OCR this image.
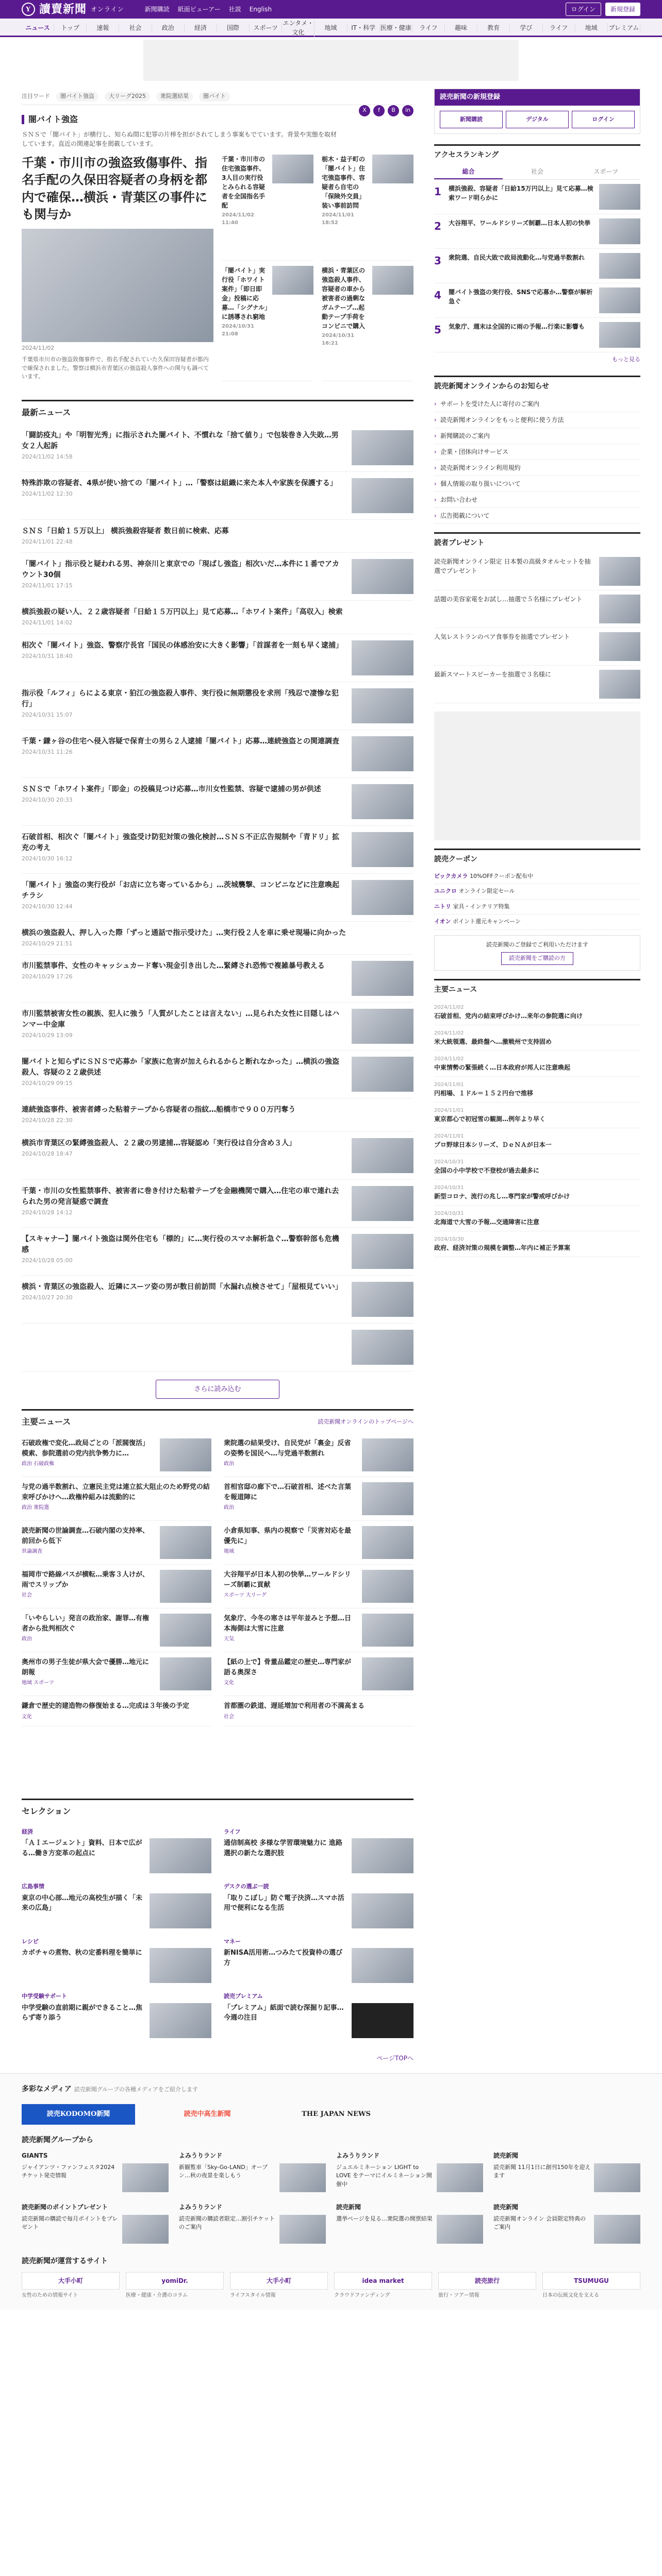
Y 讀賣新聞 オンライン	新聞購読 紙面ビューアー 社説 English	ログイン	新規登録
ニュース	トップ	速報	社会	政治	経済	国際	スポーツ
エンタメ・文化
地域	IT・科学 医療・健康	ライフ	趣味	教育	学び	ライフ	地域	プレミアム
注目ワード	闇バイト強盗	大リーグ2025	衆院選結果	闇バイト
闇バイト強盗
X	f	B	in

ＳＮＳで「闇バイト」が横行し、知らぬ間に犯罪の片棒を担がされてしまう事案もでています。背景や実態を取材しています。直近の関連記事を掲載しています。

千葉・市川市の強盗致傷事件、指名手配の久保田容疑者の身柄を都内で確保…横浜・青葉区の事件にも関与か
2024/11/02

千葉県市川市の強盗致傷事件で、指名手配されていた久保田容疑者が都内で確保されました。警察は横浜市青葉区の強盗殺人事件への関与も調べています。

千葉・市川市の住宅強盗事件、3人目の実行役とみられる容疑者を全国指名手配
2024/11/02 11:40
栃木・益子町の「闇バイト」住宅強盗事件、容疑者ら自宅の「保険外交員」装い事前訪問
2024/11/01 18:52
「闇バイト」実行役「ホワイト案件」「即日即金」投稿に応募…「シグナル」に誘導され窮地
2024/10/31 21:08
横浜・青葉区の強盗殺人事件、容疑者の車から被害者の過剰なガムテープ…起動テープ手荷をコンビニで購入
2024/10/31 16:21
最新ニュース
「闘訪疫丸」や「明智光秀」に指示された闇バイト、不慣れな「捨て値り」で包装巻き入失敗…男女２人起訴
2024/11/02 14:58
特殊詐欺の容疑者、4県が使い捨ての「闇バイト」…「警察は組織に来た本人や家族を保護する」
2024/11/02 12:30
ＳＮＳ「日給１５万以上」 横浜強殺容疑者 数日前に検索、応募
2024/11/01 22:48
「闇バイト」指示役と疑われる男、神奈川と東京での「現ばし強盗」相次いだ…本件に１番でアカウント30個
2024/11/01 17:15
横浜強殺の疑い人、２２歳容疑者「日給１５万円以上」見て応募…「ホワイト案件」「高収入」検索
2024/11/01 14:02
相次ぐ「闇バイト」強盗、警察庁長官「国民の体感治安に大きく影響」「首謀者を一刻も早く逮捕」
2024/10/31 18:40
指示役「ルフィ」らによる東京・狛江の強盗殺人事件、実行役に無期懲役を求刑「残忍で凄惨な犯行」
2024/10/31 15:07
千葉・鎌ヶ谷の住宅へ侵入容疑で保育士の男ら２人逮捕「闇バイト」応募…連続強盗との関連調査
2024/10/31 11:26
ＳＮＳで「ホワイト案件」「即金」の投稿見つけ応募…市川女性監禁、容疑で逮捕の男が供述
2024/10/30 20:33
石破首相、相次ぐ「闇バイト」強盗受け防犯対策の強化検討…ＳＮＳ不正広告規制や「青ドリ」拡充の考え
2024/10/30 16:12
「闇バイト」強盗の実行役が「お店に立ち寄っているから」…茨城襲撃、コンビニなどに注意喚起チラシ
2024/10/30 12:44
横浜の強盗殺人、押し入った際「ずっと通話で指示受けた」…実行役２人を車に乗せ現場に向かった
2024/10/29 21:51
市川監禁事件、女性のキャッシュカード奪い現金引き出した…緊縛され恐怖で複雑暴号教える
2024/10/29 17:26
市川監禁被害女性の親族、犯人に強う「人質がしたことは言えない」…見られた女性に目隠しはハンマー中金庫
2024/10/29 13:09
闇バイトと知らずにＳＮＳで応募か「家族に危害が加えられるからと断れなかった」…横浜の強盗殺人、容疑の２２歳供述
2024/10/29 09:15
連続強盗事件、被害者縛った粘着テープから容疑者の指紋…船橋市で９００万円奪う
2024/10/28 22:30
横浜市青葉区の緊縛強盗殺人、２２歳の男逮捕…容疑認め「実行役は自分含め３人」
2024/10/28 18:47
千葉・市川の女性監禁事件、被害者に巻き付けた粘着テープを金融機関で購入…住宅の車で連れ去られた男の発言疑惑で調査
2024/10/28 14:12
【スキャナー】闇バイト強盗は関外住宅も「標的」に…実行役のスマホ解析急ぐ…警察幹部も危機感
2024/10/28 05:00
横浜・青葉区の強盗殺人、近隣にスーツ姿の男が数日前訪問「水漏れ点検させて」「屋根見ていい」
2024/10/27 20:30
さらに読み込む
主要ニュース	読売新聞オンラインのトップページへ
石破政権で変化…政局ごとの「派閥復活」模索、参院選前の党内抗争勢力に…
政治 石破政権
衆院選の結果受け、自民党が「裏金」反省の姿勢を国民へ…与党過半数割れ
政治
与党の過半数割れ、立憲民主党は連立拡大阻止のため野党の結束呼びかけへ…政権枠組みは流動的に
政治 衆院選
首相官邸の廊下で…石破首相、述べた言葉を報道陣に
政治
読売新聞の世論調査…石破内閣の支持率、前回から低下
世論調査
小倉県知事、県内の視察で「災害対応を最優先に」
地域
福岡市で路線バスが横転…乗客３人けが、雨でスリップか
社会
大谷翔平が日本人初の快挙…ワールドシリーズ制覇に貢献
スポーツ 大リーグ
「いやらしい」発言の政治家、謝罪…有権者から批判相次ぐ
政治
気象庁、今冬の寒さは平年並みと予想…日本海側は大雪に注意
天気
奥州市の男子生徒が県大会で優勝…地元に朗報
地域 スポーツ
【紙の上で】骨董品鑑定の歴史…専門家が語る奥深さ
文化
鎌倉で歴史的建造物の修復始まる…完成は３年後の予定
文化
首都圏の鉄道、遅延増加で利用者の不満高まる
社会
セレクション
経済
「ＡＩエージェント」資料、日本で広がる…働き方変革の起点に
ライフ
通信制高校 多様な学習環境魅力に 進路選択の新たな選択肢
広島事情
東京の中心部…地元の高校生が描く「未来の広島」
デスクの選ぶ一読
「取りこぼし」防ぐ電子決済…スマホ活用で便利になる生活
レシピ
カボチャの煮物、秋の定番料理を簡単に
マネー
新NISA活用術…つみたて投資枠の選び方
中学受験サポート
中学受験の直前期に親ができること…焦らず寄り添う
読売プレミアム
「プレミアム」紙面で読む深掘り記事…今週の注目
ページTOPへ
読売新聞の新規登録
新聞購読	デジタル	ログイン
アクセスランキング
総合	社会	スポーツ
1	横浜強殺、容疑者「日給15万円以上」見て応募…検索ワード明らかに
2	大谷翔平、ワールドシリーズ制覇…日本人初の快挙
3	衆院選、自民大敗で政局流動化…与党過半数割れ
4	闇バイト強盗の実行役、SNSで応募か…警察が解析急ぐ
5	気象庁、週末は全国的に雨の予報…行楽に影響も
もっと見る
読売新聞オンラインからのお知らせ
› サポートを受けた人に寄付のご案内
› 読売新聞オンラインをもっと便利に使う方法
› 新聞購読のご案内
› 企業・団体向けサービス
› 読売新聞オンライン利用規約
› 個人情報の取り扱いについて
› お問い合わせ
› 広告掲載について
読者プレゼント
読売新聞オンライン限定 日本製の高級タオルセットを抽選でプレゼント
話題の美容家電をお試し…抽選で５名様にプレゼント
人気レストランのペア食事券を抽選でプレゼント
最新スマートスピーカーを抽選で３名様に
読売クーポン
ビックカメラ 10%OFFクーポン配布中
ユニクロ オンライン限定セール
ニトリ 家具・インテリア特集
イオン ポイント還元キャンペーン
読売新聞のご登録でご利用いただけます
読売新聞をご購読の方
主要ニュース
2024/11/02
石破首相、党内の結束呼びかけ…来年の参院選に向け
2024/11/02
米大統領選、最終盤へ…激戦州で支持固め
2024/11/02
中東情勢の緊張続く…日本政府が邦人に注意喚起
2024/11/01
円相場、１ドル＝１５２円台で推移
2024/11/01
東京都心で初冠雪の観測…例年より早く
2024/11/01
プロ野球日本シリーズ、ＤｅＮＡが日本一
2024/10/31
全国の小中学校で不登校が過去最多に
2024/10/31
新型コロナ、流行の兆し…専門家が警戒呼びかけ
2024/10/31
北海道で大雪の予報…交通障害に注意
2024/10/30
政府、経済対策の規模を調整…年内に補正予算案
多彩なメディア 読売新聞グループの各種メディアをご紹介します
読売KODOMO新聞	読売中高生新聞	THE JAPAN NEWS
読売新聞グループから
GIANTS
ジャイアンツ・ファンフェスタ2024 チケット発売情報
よみうりランド
新観覧車「Sky-Go-LAND」オープン…秋の夜景を楽しもう
よみうりランド
ジュエルミネーション LIGHT to LOVE をテーマにイルミネーション開催中
読売新聞
読売新聞 11月1日に創刊150年を迎えます
読売新聞のポイントプレゼント
読売新聞の購読で毎月ポイントをプレゼント
よみうりランド
読売新聞の購読者限定…割引チケットのご案内
読売新聞
選挙ページを見る…衆院選の開票結果
読売新聞
読売新聞オンライン 会員限定特典のご案内
読売新聞が運営するサイト
大手小町
女性のための情報サイト
yomiDr.
医療・健康・介護のコラム
大手小町
ライフスタイル情報
idea market
クラウドファンディング
読売旅行
旅行・ツアー情報
TSUMUGU
日本の伝統文化を支える
